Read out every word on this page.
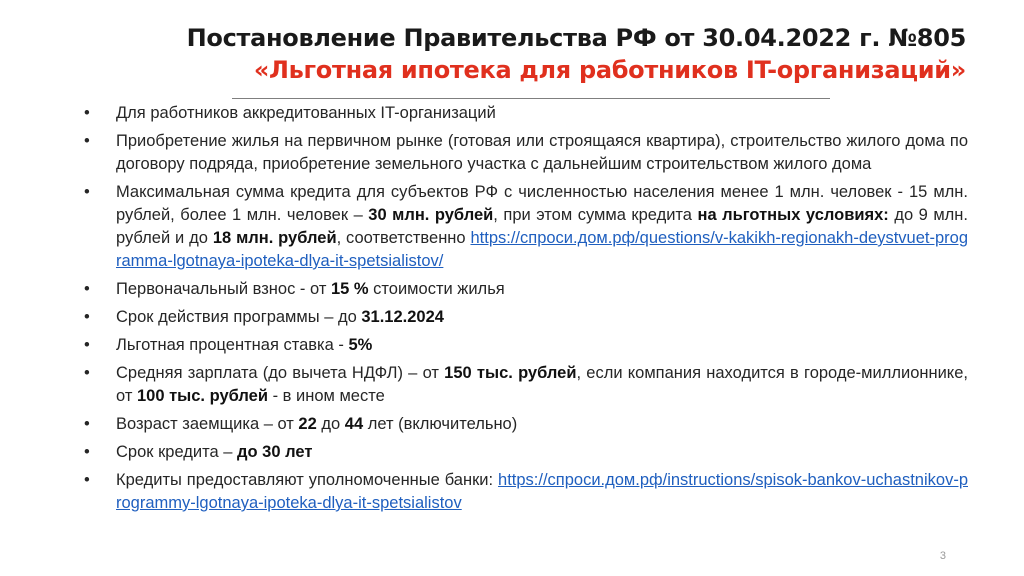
Постановление Правительства РФ от 30.04.2022 г. №805
«Льготная ипотека для работников IT-организаций»
• Для работников аккредитованных IT-организаций
• Приобретение жилья на первичном рынке (готовая или строящаяся квартира), строительство жилого дома по договору подряда, приобретение земельного участка с дальнейшим строительством жилого дома
• Максимальная сумма кредита для субъектов РФ с численностью населения менее 1 млн. человек - 15 млн. рублей, более 1 млн. человек – 30 млн. рублей, при этом сумма кредита на льготных условиях: до 9 млн. рублей и до 18 млн. рублей, соответственно https://спроси.дом.рф/questions/v-kakikh-regionakh-deystvuet-programma-lgotnaya-ipoteka-dlya-it-spetsialistov/
• Первоначальный взнос - от 15 % стоимости жилья
• Срок действия программы – до 31.12.2024
• Льготная процентная ставка - 5%
• Средняя зарплата (до вычета НДФЛ) – от 150 тыс. рублей, если компания находится в городе-миллионнике, от 100 тыс. рублей - в ином месте
• Возраст заемщика – от 22 до 44 лет (включительно)
• Срок кредита – до 30 лет
• Кредиты предоставляют уполномоченные банки: https://спроси.дом.рф/instructions/spisok-bankov-uchastnikov-programmy-lgotnaya-ipoteka-dlya-it-spetsialistov
3
